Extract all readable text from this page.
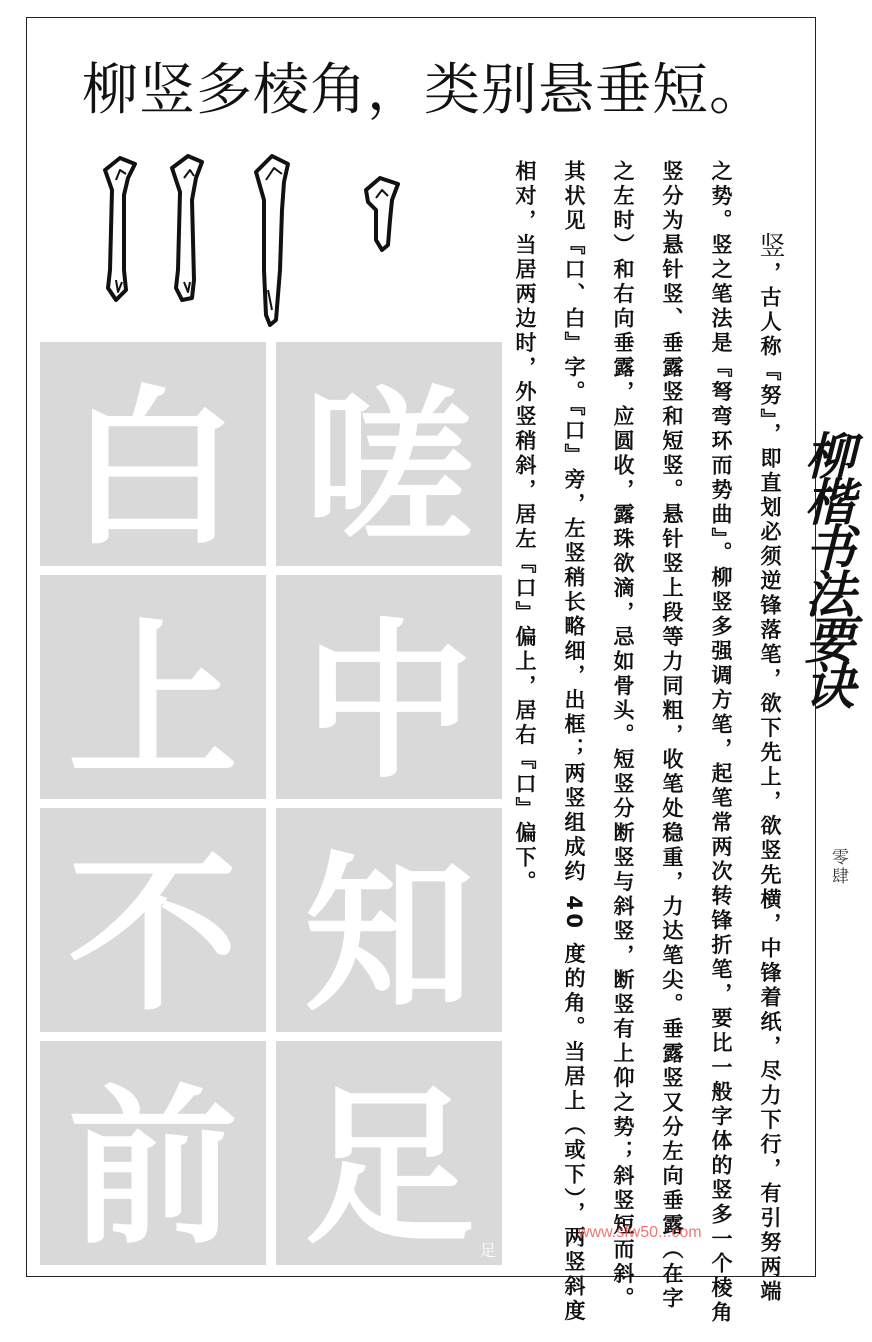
柳竖多棱角，类别悬垂短。
白 嗟
上 中
不 知
前 足 足
竖，古人称『努』，即直划必须逆锋落笔，欲下先上，欲竖先横，中锋着纸，尽力下行，有引努两端
之势。竖之笔法是『弩弯环而势曲』。柳竖多强调方笔，起笔常两次转锋折笔，要比一般字体的竖多一个棱角
竖分为悬针竖、垂露竖和短竖。悬针竖上段等力同粗，收笔处稳重，力达笔尖。垂露竖又分左向垂露（在字
之左时）和右向垂露，应圆收，露珠欲滴，忌如骨头。短竖分断竖与斜竖，断竖有上仰之势；斜竖短而斜。
其状见『口、白』字。『口』旁，左竖稍长略细，出框；两竖组成约 40 度的角。当居上（或下），两竖斜度
相对，当居两边时，外竖稍斜，居左『口』偏上，居右『口』偏下。	柳楷书法要诀
零肆
www.sfw50...com
